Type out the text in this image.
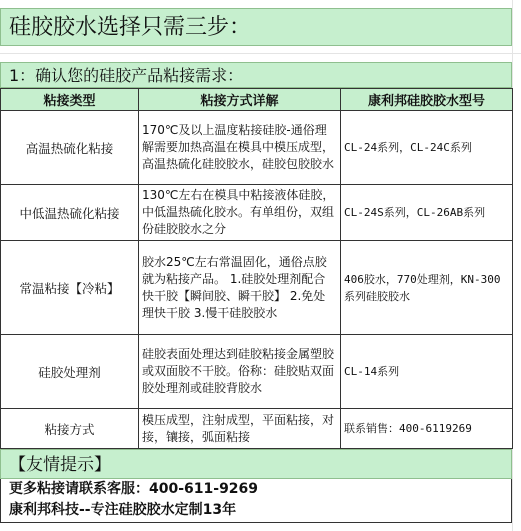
硅胶胶水选择只需三步：
1：确认您的硅胶产品粘接需求：
粘接类型	粘接方式详解	康利邦硅胶胶水型号
高温热硫化粘接	170℃及以上温度粘接硅胶-通俗理解需要加热高温在模具中模压成型，高温热硫化硅胶胶水，硅胶包胶胶水	CL-24系列，CL-24C系列
中低温热硫化粘接	130℃左右在模具中粘接液体硅胶，中低温热硫化胶水。有单组份，双组份硅胶胶水之分	CL-24S系列，CL-26AB系列
常温粘接【冷粘】	胶水25℃左右常温固化，通俗点胶就为粘接产品。 1.硅胶处理剂配合快干胶【瞬间胶、瞬干胶】 2.免处理快干胶 3.慢干硅胶胶水	406胶水，770处理剂，KN-300系列硅胶胶水
硅胶处理剂	硅胶表面处理达到硅胶粘接金属塑胶或双面胶不干胶。俗称：硅胶贴双面胶处理剂或硅胶背胶水	CL-14系列
粘接方式	模压成型，注射成型，平面粘接，对接，镶接，弧面粘接	联系销售：400-6119269
【友情提示】
更多粘接请联系客服：400-611-9269
康利邦科技--专注硅胶胶水定制13年
